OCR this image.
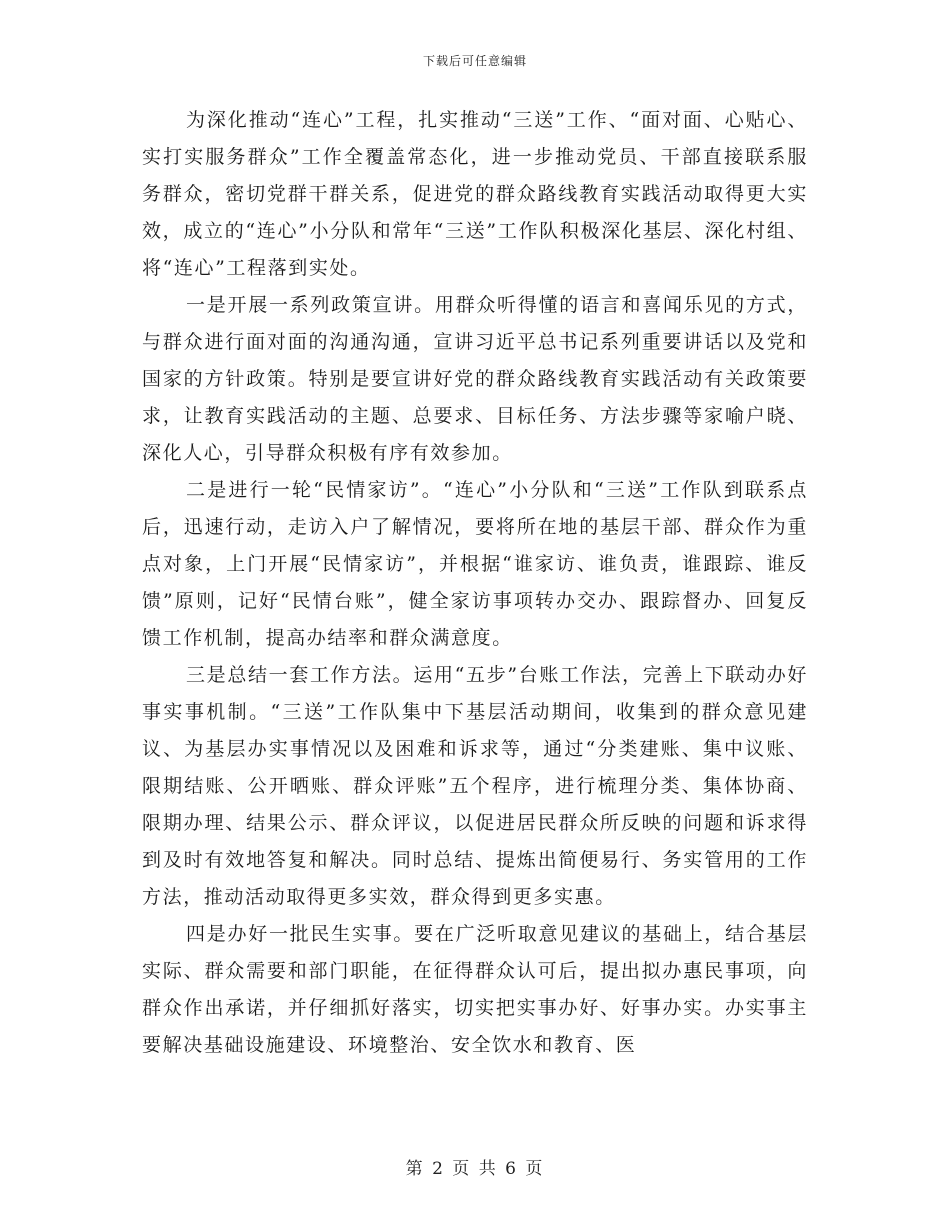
下载后可任意编辑

为深化推动“连心”工程，扎实推动“三送”工作、“面对面、心贴心、实打实服务群众”工作全覆盖常态化，进一步推动党员、干部直接联系服务群众，密切党群干群关系，促进党的群众路线教育实践活动取得更大实效，成立的“连心”小分队和常年“三送”工作队积极深化基层、深化村组、将“连心”工程落到实处。

一是开展一系列政策宣讲。用群众听得懂的语言和喜闻乐见的方式，与群众进行面对面的沟通沟通，宣讲习近平总书记系列重要讲话以及党和国家的方针政策。特别是要宣讲好党的群众路线教育实践活动有关政策要求，让教育实践活动的主题、总要求、目标任务、方法步骤等家喻户晓、深化人心，引导群众积极有序有效参加。

二是进行一轮“民情家访”。“连心”小分队和“三送”工作队到联系点后，迅速行动，走访入户了解情况，要将所在地的基层干部、群众作为重点对象，上门开展“民情家访”，并根据“谁家访、谁负责，谁跟踪、谁反馈”原则，记好“民情台账”，健全家访事项转办交办、跟踪督办、回复反馈工作机制，提高办结率和群众满意度。

三是总结一套工作方法。运用“五步”台账工作法，完善上下联动办好事实事机制。“三送”工作队集中下基层活动期间，收集到的群众意见建议、为基层办实事情况以及困难和诉求等，通过“分类建账、集中议账、限期结账、公开晒账、群众评账”五个程序，进行梳理分类、集体协商、限期办理、结果公示、群众评议，以促进居民群众所反映的问题和诉求得到及时有效地答复和解决。同时总结、提炼出简便易行、务实管用的工作方法，推动活动取得更多实效，群众得到更多实惠。

四是办好一批民生实事。要在广泛听取意见建议的基础上，结合基层实际、群众需要和部门职能，在征得群众认可后，提出拟办惠民事项，向群众作出承诺，并仔细抓好落实，切实把实事办好、好事办实。办实事主要解决基础设施建设、环境整治、安全饮水和教育、医

第 2 页 共 6 页
